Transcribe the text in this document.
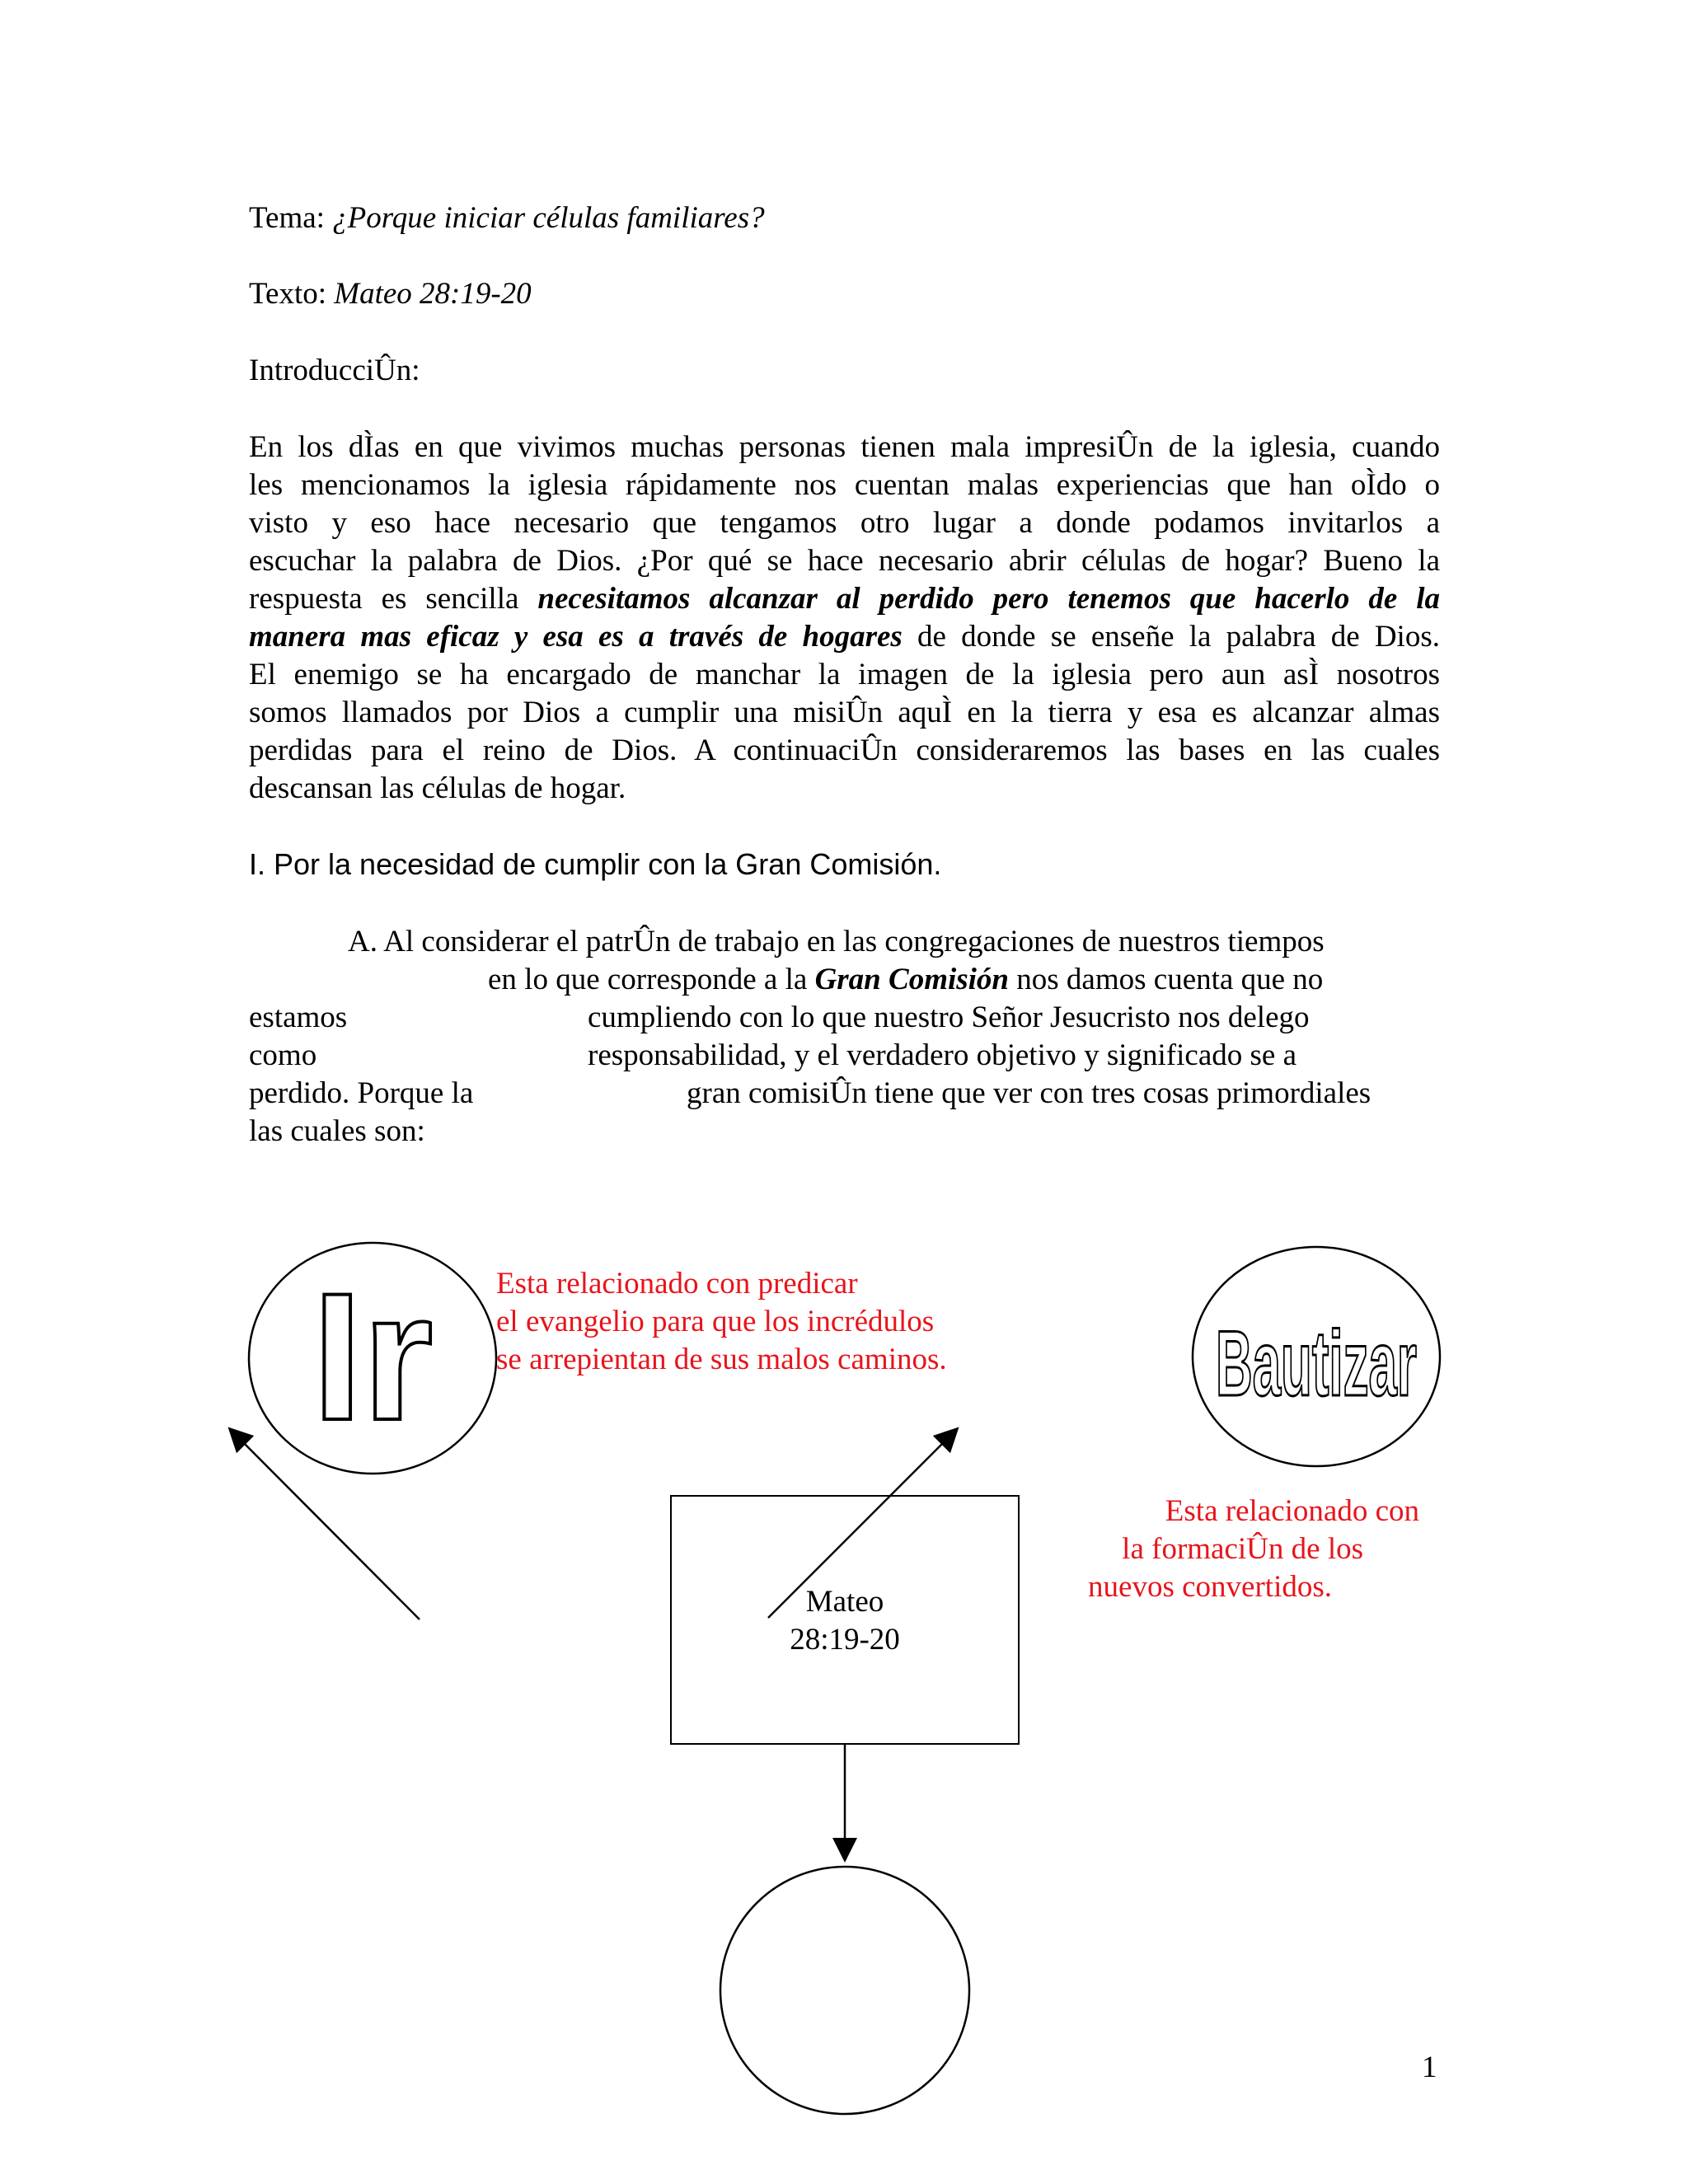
Tema: ¿Porque iniciar células familiares?
Texto: Mateo 28:19-20
IntroducciÛn:
En los dÌas en que vivimos muchas personas tienen mala impresiÛn de la iglesia, cuando
les mencionamos la iglesia rápidamente nos cuentan malas experiencias que han oÌdo o
visto y eso hace necesario que tengamos otro lugar a donde podamos invitarlos a
escuchar la palabra de Dios. ¿Por qué se hace necesario abrir células de hogar? Bueno la
respuesta es sencilla necesitamos alcanzar al perdido pero tenemos que hacerlo de la
manera mas eficaz y esa es a través de hogares de donde se enseñe la palabra de Dios.
El enemigo se ha encargado de manchar la imagen de la iglesia pero aun asÌ nosotros
somos llamados por Dios a cumplir una misiÛn aquÌ en la tierra y esa es alcanzar almas
perdidas para el reino de Dios. A continuaciÛn consideraremos las bases en las cuales
descansan las células de hogar.
I. Por la necesidad de cumplir con la Gran Comisión.
A. Al considerar el patrÛn de trabajo en las congregaciones de nuestros tiempos
en lo que corresponde a la Gran Comisión nos damos cuenta que no
estamos	cumpliendo con lo que nuestro Señor Jesucristo nos delego
como	responsabilidad, y el verdadero objetivo y significado se a
perdido. Porque la	gran comisiÛn tiene que ver con tres cosas primordiales
las cuales son:
Ir	Bautizar
Esta relacionado con predicar
el evangelio para que los incrédulos
se arrepientan de sus malos caminos.
Esta relacionado con
la formaciÛn de los
nuevos convertidos.
Mateo
28:19-20
1
